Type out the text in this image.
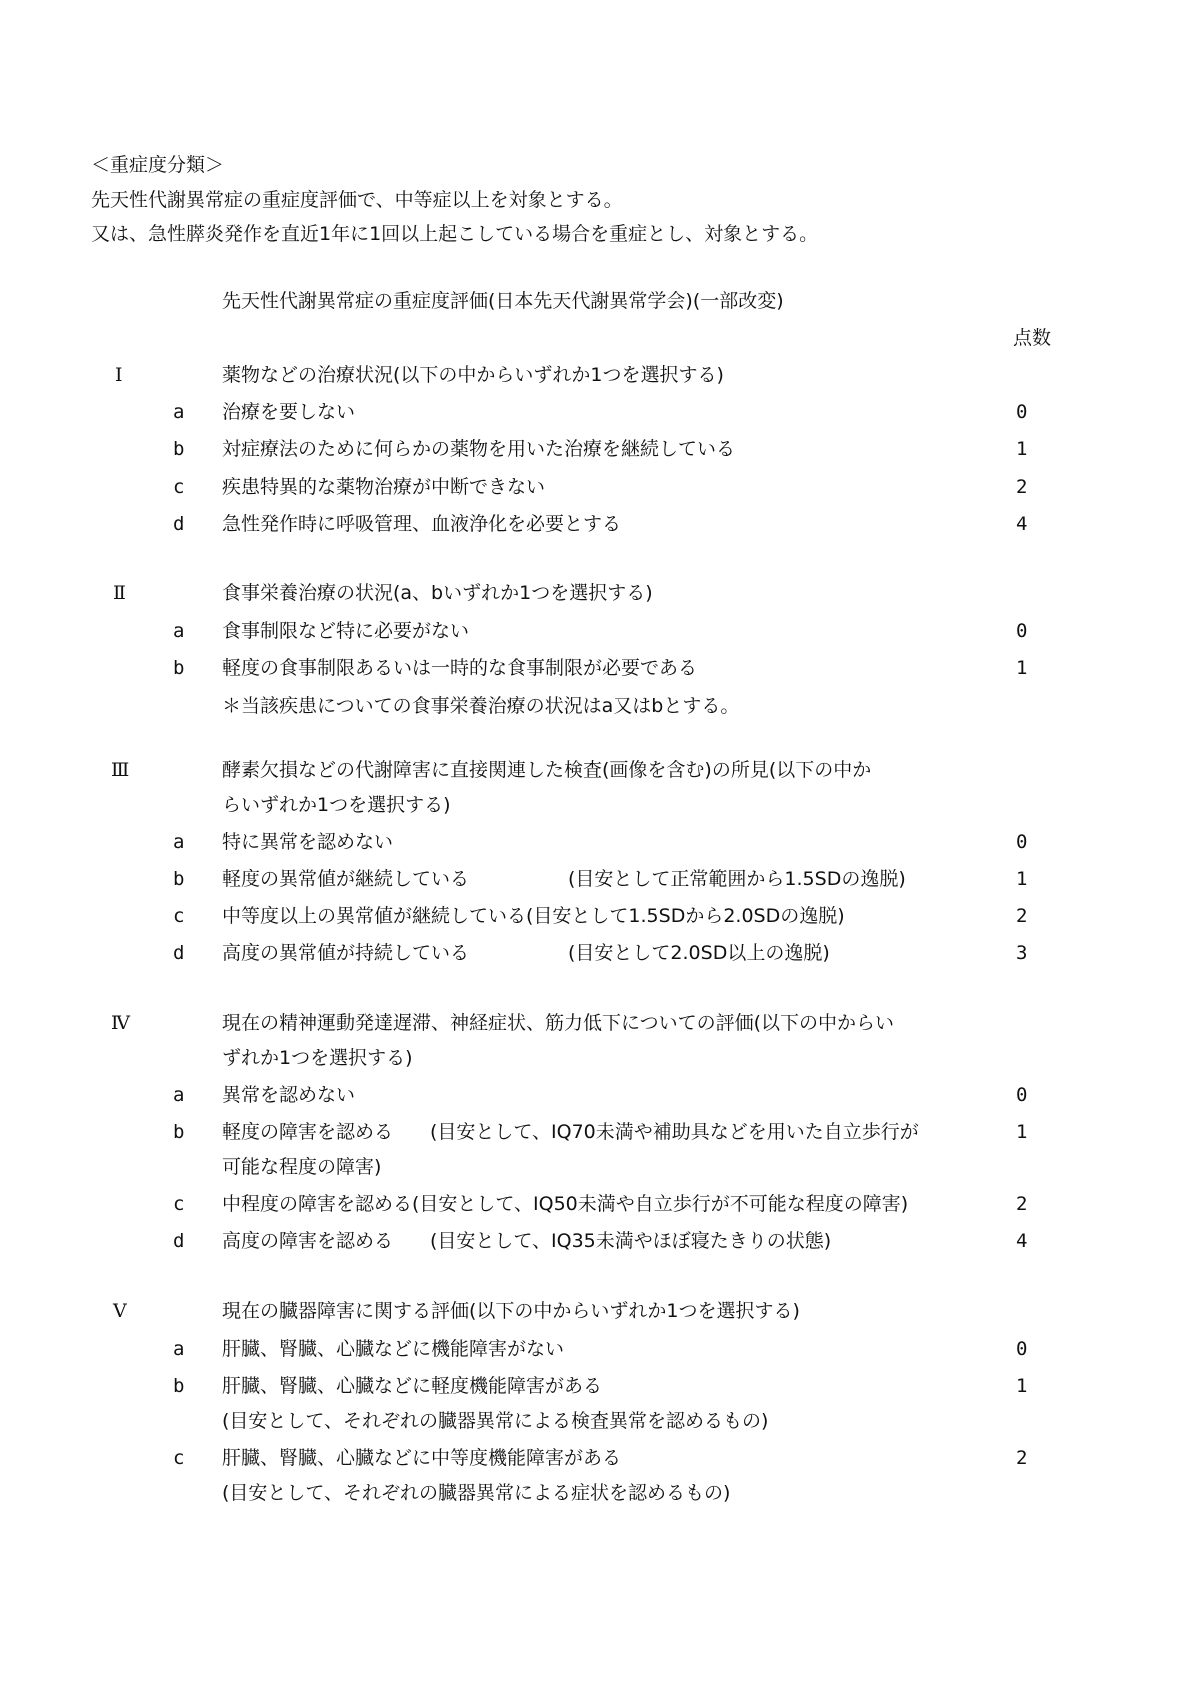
＜重症度分類＞
先天性代謝異常症の重症度評価で、中等症以上を対象とする。
又は、急性膵炎発作を直近1年に1回以上起こしている場合を重症とし、対象とする。
先天性代謝異常症の重症度評価(日本先天代謝異常学会)(一部改変)
点数
Ⅰ	薬物などの治療状況(以下の中からいずれか1つを選択する)
a 治療を要しない	0
b 対症療法のために何らかの薬物を用いた治療を継続している	1
c 疾患特異的な薬物治療が中断できない	2
d 急性発作時に呼吸管理、血液浄化を必要とする	4
Ⅱ	食事栄養治療の状況(a、bいずれか1つを選択する)
a 食事制限など特に必要がない	0
b 軽度の食事制限あるいは一時的な食事制限が必要である	1
＊当該疾患についての食事栄養治療の状況はa又はbとする。
Ⅲ	酵素欠損などの代謝障害に直接関連した検査(画像を含む)の所見(以下の中か
らいずれか1つを選択する)
a 特に異常を認めない	0
b 軽度の異常値が継続している	(目安として正常範囲から1.5SDの逸脱)	1
c 中等度以上の異常値が継続している(目安として1.5SDから2.0SDの逸脱)	2
d 高度の異常値が持続している	(目安として2.0SD以上の逸脱)	3
Ⅳ	現在の精神運動発達遅滞、神経症状、筋力低下についての評価(以下の中からい
ずれか1つを選択する)
a 異常を認めない	0
b 軽度の障害を認める (目安として、IQ70未満や補助具などを用いた自立歩行が	1
可能な程度の障害)
c 中程度の障害を認める(目安として、IQ50未満や自立歩行が不可能な程度の障害)	2
d 高度の障害を認める (目安として、IQ35未満やほぼ寝たきりの状態)	4
Ⅴ	現在の臓器障害に関する評価(以下の中からいずれか1つを選択する)
a 肝臓、腎臓、心臓などに機能障害がない	0
b 肝臓、腎臓、心臓などに軽度機能障害がある	1
(目安として、それぞれの臓器異常による検査異常を認めるもの)
c 肝臓、腎臓、心臓などに中等度機能障害がある	2
(目安として、それぞれの臓器異常による症状を認めるもの)
